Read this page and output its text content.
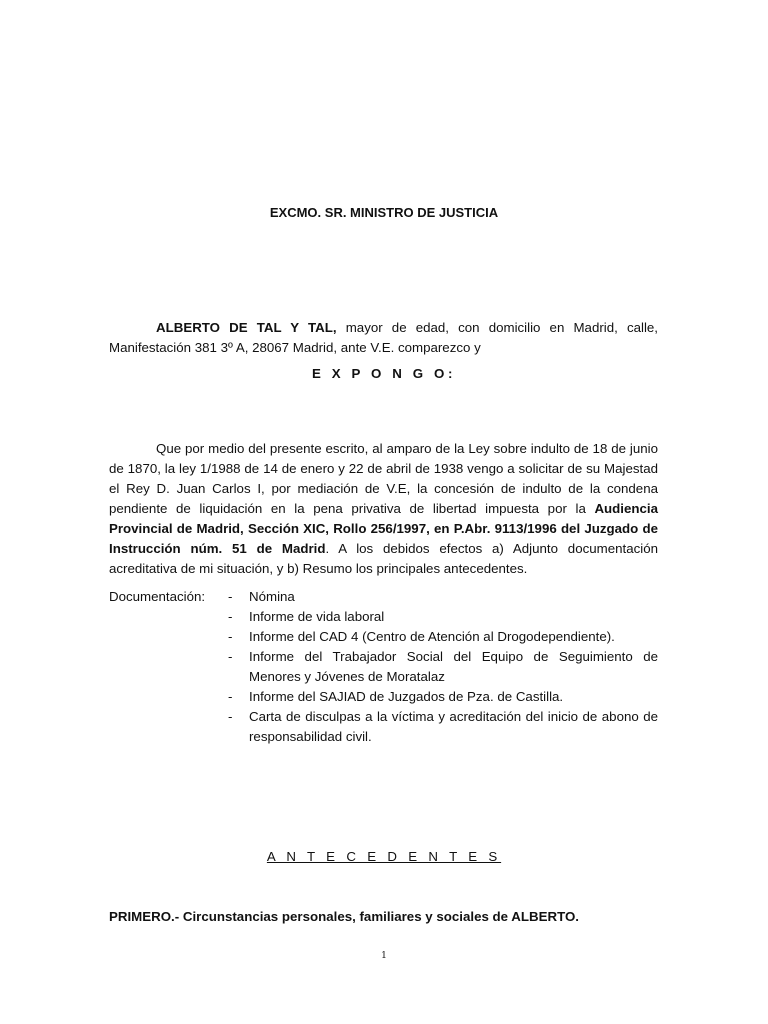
EXCMO. SR. MINISTRO DE JUSTICIA

ALBERTO DE TAL Y TAL, mayor de edad, con domicilio en Madrid, calle, Manifestación 381 3º A, 28067 Madrid, ante V.E. comparezco y

E X P O N G O:

Que por medio del presente escrito, al amparo de la Ley sobre indulto de 18 de junio de 1870, la ley 1/1988 de 14 de enero y 22 de abril de 1938 vengo a solicitar de su Majestad el Rey D. Juan Carlos I, por mediación de V.E, la concesión de indulto de la condena pendiente de liquidación en la pena privativa de libertad impuesta por la Audiencia Provincial de Madrid, Sección XIC, Rollo 256/1997, en P.Abr. 9113/1996 del Juzgado de Instrucción núm. 51 de Madrid. A los debidos efectos a) Adjunto documentación acreditativa de mi situación, y b) Resumo los principales antecedentes.

Documentación: - Nómina
- Informe de vida laboral
- Informe del CAD 4 (Centro de Atención al Drogodependiente).
- Informe del Trabajador Social del Equipo de Seguimiento de Menores y Jóvenes de Moratalaz
- Informe del SAJIAD de Juzgados de Pza. de Castilla.
- Carta de disculpas a la víctima y acreditación del inicio de abono de responsabilidad civil.
A N T E C E D E N T E S
PRIMERO.- Circunstancias personales, familiares y sociales de ALBERTO.
1
